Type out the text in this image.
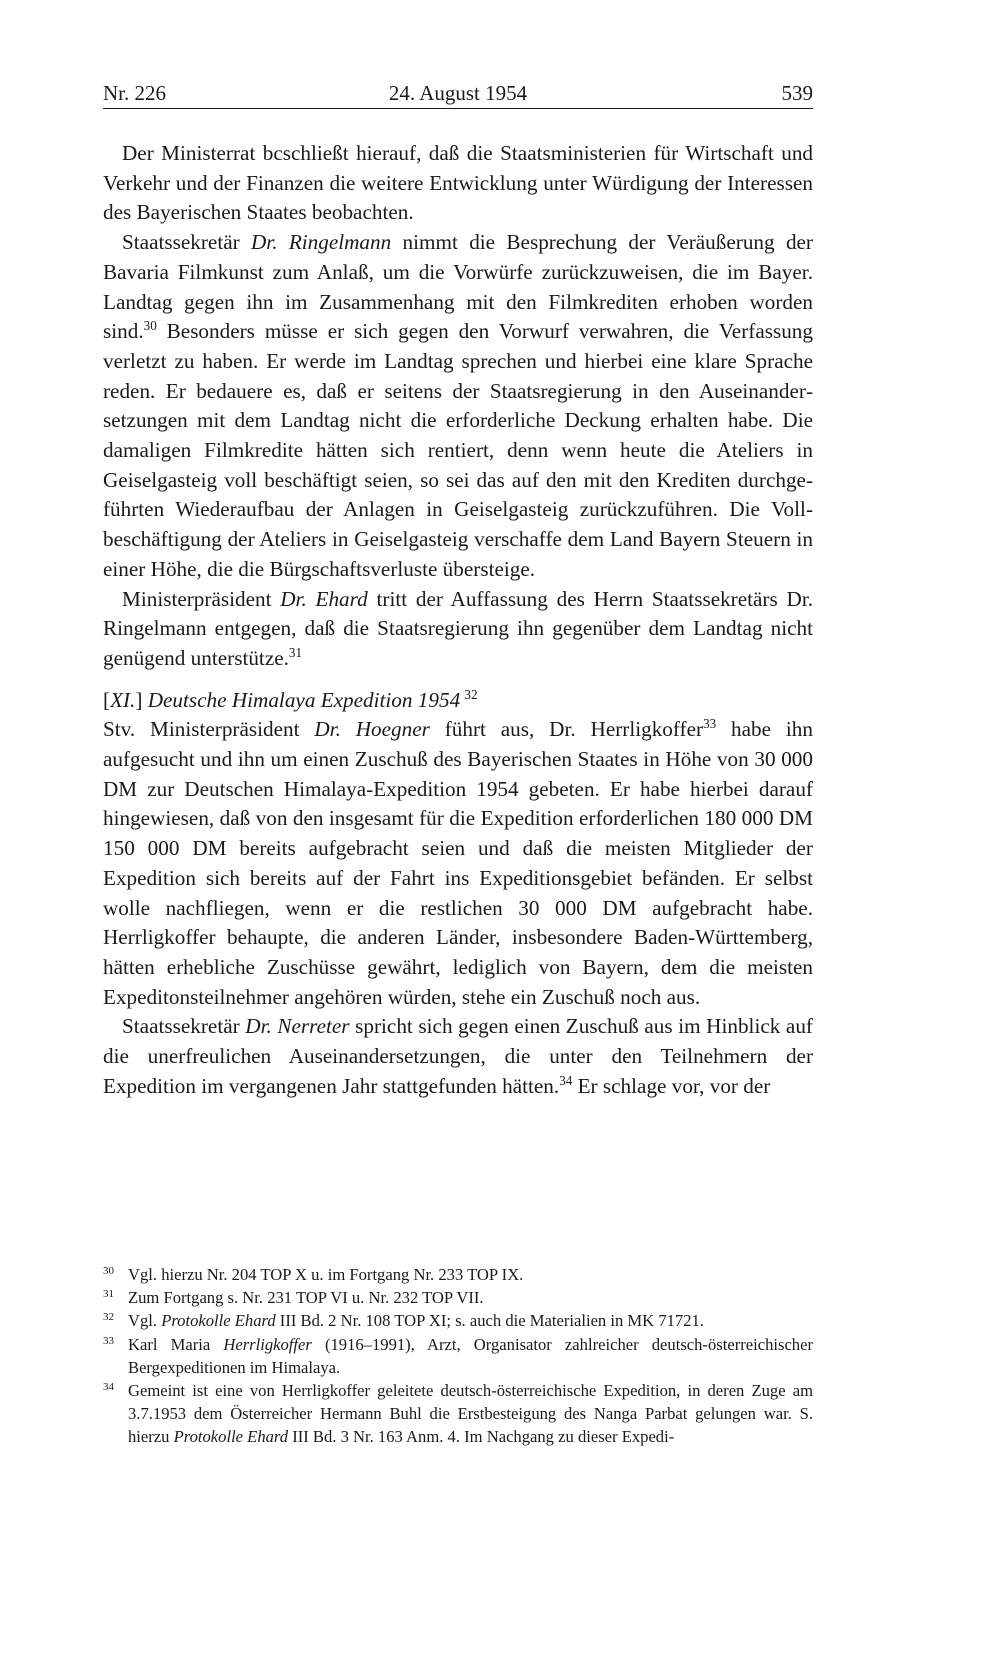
Nr. 226	24. August 1954	539

Der Ministerrat bcschließt hierauf, daß die Staatsministerien für Wirtschaft und Verkehr und der Finanzen die weitere Entwicklung unter Würdigung der Interessen des Bayerischen Staates beobachten.

Staatssekretär Dr. Ringelmann nimmt die Besprechung der Veräußerung der Bavaria Filmkunst zum Anlaß, um die Vorwürfe zurückzuweisen, die im Bayer. Landtag gegen ihn im Zusammenhang mit den Filmkrediten erhoben worden sind.$^{30}$ Besonders müsse er sich gegen den Vorwurf verwahren, die Verfassung verletzt zu haben. Er werde im Landtag sprechen und hierbei eine klare Sprache reden. Er bedauere es, daß er seitens der Staatsregierung in den Auseinandersetzungen mit dem Landtag nicht die erforderliche Deckung erhalten habe. Die damaligen Filmkredite hätten sich rentiert, denn wenn heute die Ateliers in Geiselgasteig voll beschäftigt seien, so sei das auf den mit den Krediten durchgeführten Wiederaufbau der Anlagen in Geiselgasteig zurückzuführen. Die Vollbeschäftigung der Ateliers in Geiselgasteig verschaffe dem Land Bayern Steuern in einer Höhe, die die Bürgschaftsverluste übersteige.

Ministerpräsident Dr. Ehard tritt der Auffassung des Herrn Staatssekretärs Dr. Ringelmann entgegen, daß die Staatsregierung ihn gegenüber dem Landtag nicht genügend unterstütze.$^{31}$

[XI.] Deutsche Himalaya Expedition 1954  $^{32}$

Stv. Ministerpräsident Dr. Hoegner führt aus, Dr. Herrligkoffer$^{33}$ habe ihn aufgesucht und ihn um einen Zuschuß des Bayerischen Staates in Höhe von 30 000 DM zur Deutschen Himalaya-Expedition 1954 gebeten. Er habe hierbei darauf hingewiesen, daß von den insgesamt für die Expedition erforderlichen 180 000 DM 150 000 DM bereits aufgebracht seien und daß die meisten Mitglieder der Expedition sich bereits auf der Fahrt ins Expeditionsgebiet befänden. Er selbst wolle nachfliegen, wenn er die restlichen 30 000 DM aufgebracht habe. Herrligkoffer behaupte, die anderen Länder, insbesondere Baden-Württemberg, hätten erhebliche Zuschüsse gewährt, lediglich von Bayern, dem die meisten Expeditonsteilnehmer angehören würden, stehe ein Zuschuß noch aus.

Staatssekretär Dr. Nerreter spricht sich gegen einen Zuschuß aus im Hinblick auf die unerfreulichen Auseinandersetzungen, die unter den Teilnehmern der Expedition im vergangenen Jahr stattgefunden hätten.$^{34}$ Er schlage vor, vor der

30 Vgl. hierzu Nr. 204 TOP X u. im Fortgang Nr. 233 TOP IX.
31 Zum Fortgang s. Nr. 231 TOP VI u. Nr. 232 TOP VII.
32 Vgl. Protokolle Ehard III Bd. 2 Nr. 108 TOP XI; s. auch die Materialien in MK 71721.
33 Karl Maria Herrligkoffer (1916–1991), Arzt, Organisator zahlreicher deutsch-österreichischer Bergexpeditionen im Himalaya.
34 Gemeint ist eine von Herrligkoffer geleitete deutsch-österreichische Expedition, in deren Zuge am 3.7.1953 dem Österreicher Hermann Buhl die Erstbesteigung des Nanga Parbat gelungen war. S. hierzu Protokolle Ehard III Bd. 3 Nr. 163 Anm. 4. Im Nachgang zu dieser Expedi-
